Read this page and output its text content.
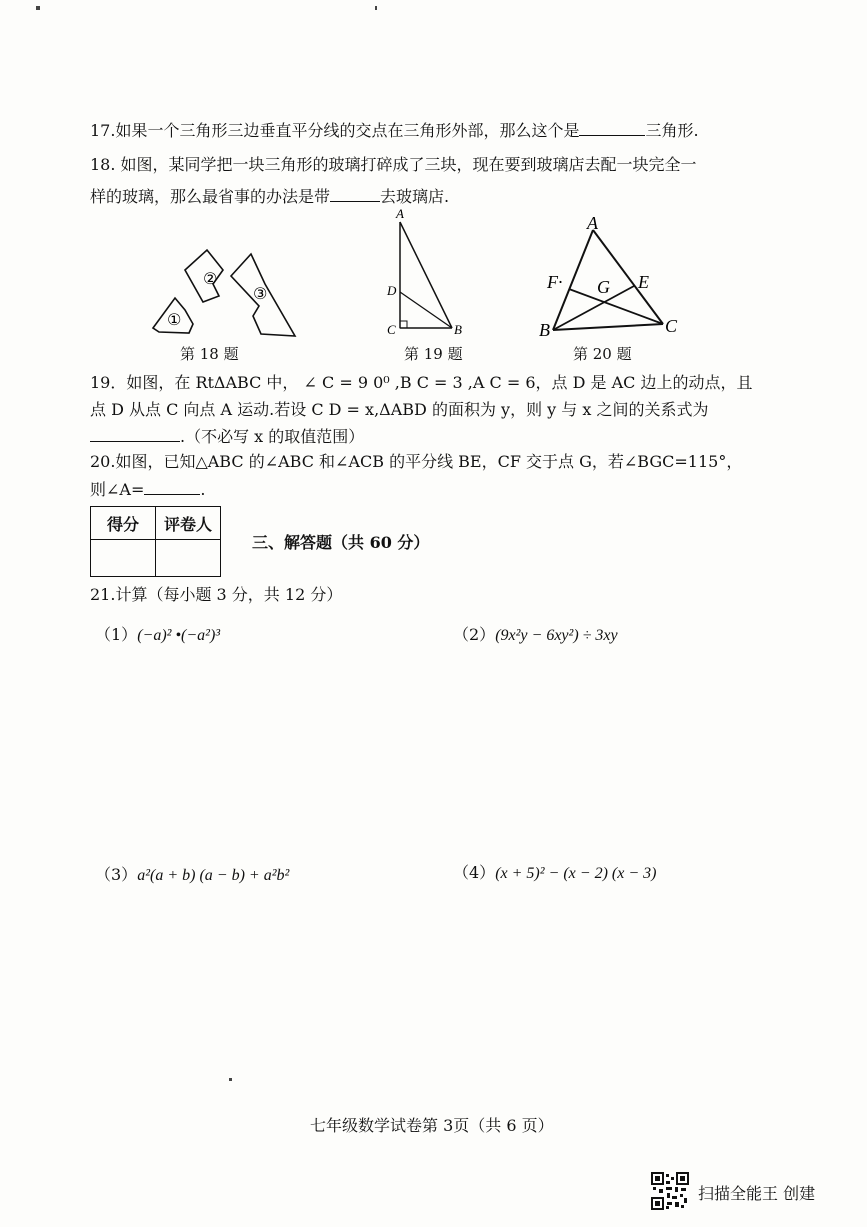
17.如果一个三角形三边垂直平分线的交点在三角形外部，那么这个是	三角形.
18. 如图，某同学把一块三角形的玻璃打碎成了三块，现在要到玻璃店去配一块完全一
样的玻璃，那么最省事的办法是带	去玻璃店.
①
②
③
第 18 题
A
D
C	B
第 19 题
A
F· G E
B	C
第 20 题
19．如图，在 RtΔABC 中， ∠ C = 9 0⁰ ,B C = 3 ,A C = 6，点 D 是 AC 边上的动点，且
点 D 从点 C 向点 A 运动.若设 C D = x,ΔABD 的面积为 y，则 y 与 x 之间的关系式为
.（不必写 x 的取值范围）
20.如图，已知△ABC 的∠ABC 和∠ACB 的平分线 BE，CF 交于点 G，若∠BGC=115°，
则∠A=	.
得分	评卷人

三、解答题（共 60 分）
21.计算（每小题 3 分，共 12 分）
（1）(−a)² •(−a²)³	（2）(9x²y − 6xy²) ÷ 3xy
（3）a²(a + b) (a − b) + a²b²	（4）(x + 5)² − (x − 2) (x − 3)
七年级数学试卷第 3页（共 6 页）
扫描全能王 创建
